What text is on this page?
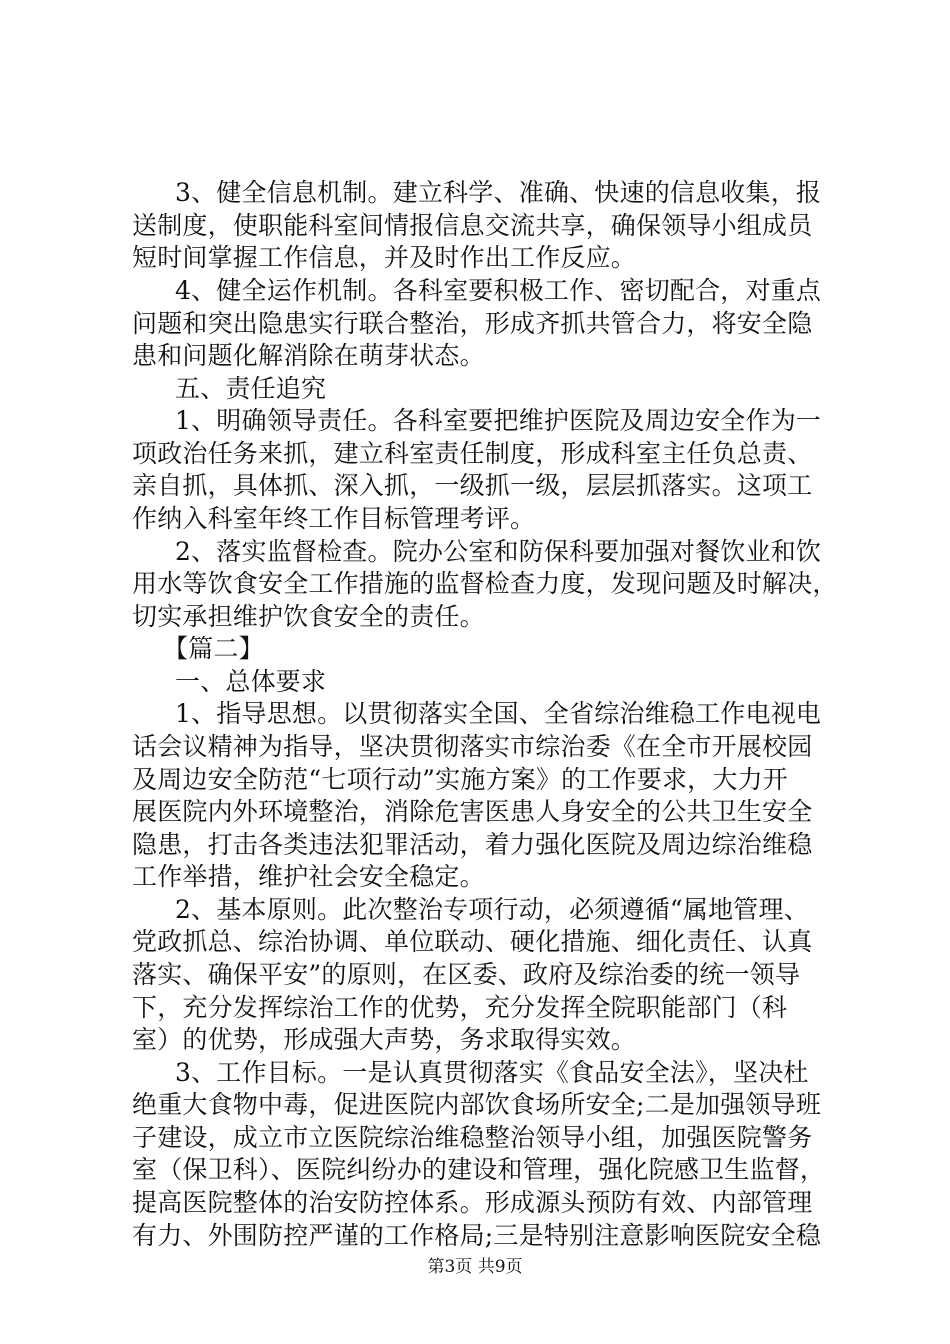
3、健全信息机制。建立科学、准确、快速的信息收集，报
送制度，使职能科室间情报信息交流共享，确保领导小组成员
短时间掌握工作信息，并及时作出工作反应。
4、健全运作机制。各科室要积极工作、密切配合，对重点
问题和突出隐患实行联合整治，形成齐抓共管合力，将安全隐
患和问题化解消除在萌芽状态。
五、责任追究
1、明确领导责任。各科室要把维护医院及周边安全作为一
项政治任务来抓，建立科室责任制度，形成科室主任负总责、
亲自抓，具体抓、深入抓，一级抓一级，层层抓落实。这项工
作纳入科室年终工作目标管理考评。
2、落实监督检查。院办公室和防保科要加强对餐饮业和饮
用水等饮食安全工作措施的监督检查力度，发现问题及时解决，
切实承担维护饮食安全的责任。
【篇二】
一、总体要求
1、指导思想。以贯彻落实全国、全省综治维稳工作电视电
话会议精神为指导，坚决贯彻落实市综治委《在全市开展校园
及周边安全防范“七项行动”实施方案》的工作要求，大力开
展医院内外环境整治，消除危害医患人身安全的公共卫生安全
隐患，打击各类违法犯罪活动，着力强化医院及周边综治维稳
工作举措，维护社会安全稳定。
2、基本原则。此次整治专项行动，必须遵循“属地管理、
党政抓总、综治协调、单位联动、硬化措施、细化责任、认真
落实、确保平安”的原则，在区委、政府及综治委的统一领导
下，充分发挥综治工作的优势，充分发挥全院职能部门（科
室）的优势，形成强大声势，务求取得实效。
3、工作目标。一是认真贯彻落实《食品安全法》，坚决杜
绝重大食物中毒，促进医院内部饮食场所安全;二是加强领导班
子建设，成立市立医院综治维稳整治领导小组，加强医院警务
室（保卫科）、医院纠纷办的建设和管理，强化院感卫生监督，
提高医院整体的治安防控体系。形成源头预防有效、内部管理
有力、外围防控严谨的工作格局;三是特别注意影响医院安全稳
第3页 共9页
